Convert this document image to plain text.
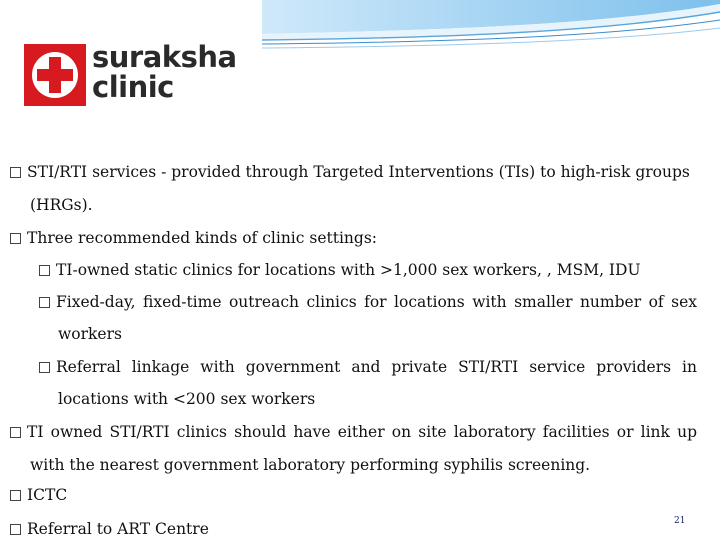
suraksha
clinic
STI/RTI services - provided through Targeted Interventions (TIs) to high-risk groups
(HRGs).
Three recommended kinds of clinic settings:
TI-owned static clinics for locations with >1,000 sex workers, , MSM, IDU
Fixed-day, fixed-time outreach clinics for locations with smaller number of sex
workers
Referral linkage with government and private STI/RTI service providers in
locations with <200 sex workers
TI owned STI/RTI clinics should have either on site laboratory facilities or link up
with the nearest government laboratory performing syphilis screening.
ICTC
Referral to ART Centre	21
